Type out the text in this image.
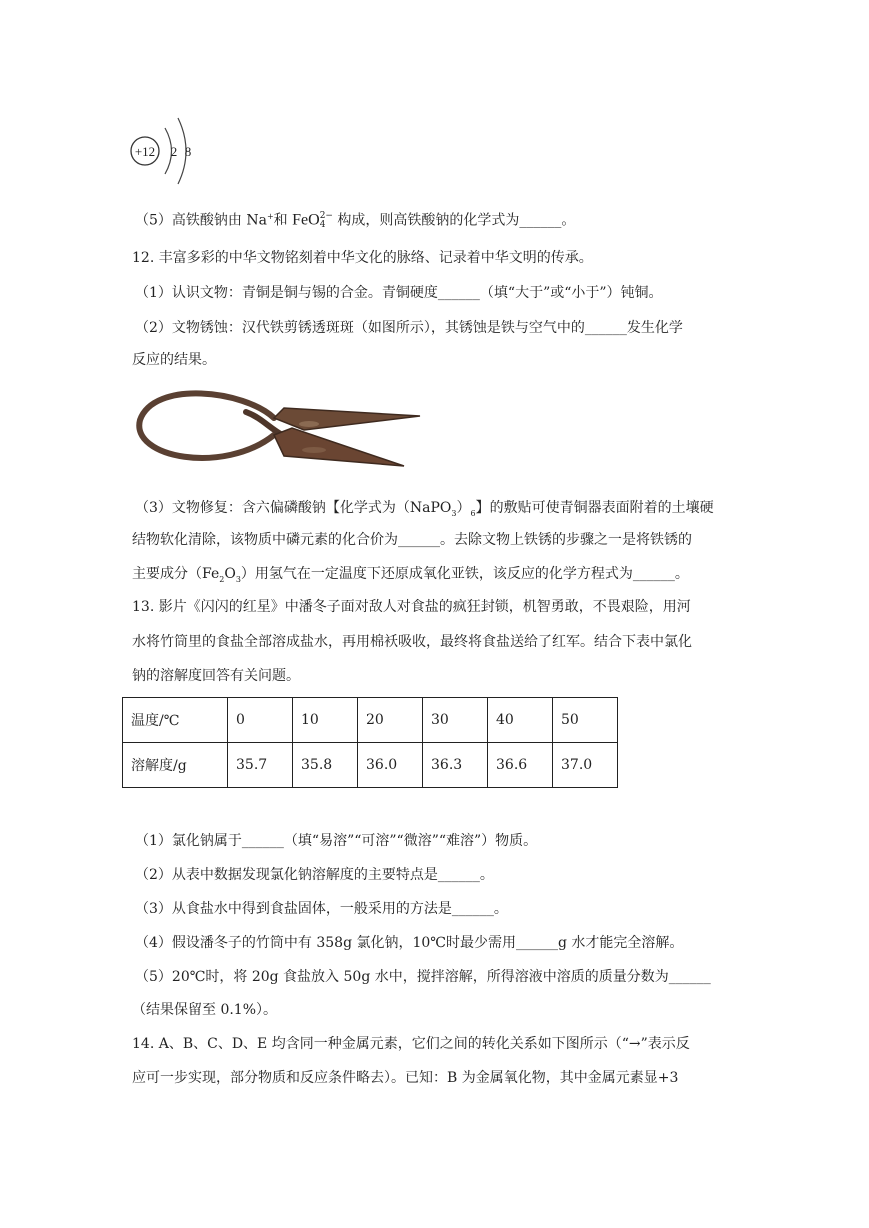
+12 2 8
（5）高铁酸钠由 Na+和 FeO 2−
4 构成，则高铁酸钠的化学式为______。
12. 丰富多彩的中华文物铭刻着中华文化的脉络、记录着中华文明的传承。
（1）认识文物：青铜是铜与锡的合金。青铜硬度______（填“大于”或“小于”）钝铜。
（2）文物锈蚀：汉代铁剪锈透斑斑（如图所示），其锈蚀是铁与空气中的______发生化学
反应的结果。
（3）文物修复：含六偏磷酸钠【化学式为$(NaPO_3)_6$】的敷贴可使青铜器表面附着的土壤硬
结物软化清除，该物质中磷元素的化合价为______。去除文物上铁锈的步骤之一是将铁锈的
主要成分$(Fe_2O_3)$用氢气在一定温度下还原成氧化亚铁，该反应的化学方程式为______。
13. 影片《闪闪的红星》中潘冬子面对敌人对食盐的疯狂封锁，机智勇敢，不畏艰险，用河
水将竹筒里的食盐全部溶成盐水，再用棉袄吸收，最终将食盐送给了红军。结合下表中氯化
钠的溶解度回答有关问题。
温度/℃	0	10	20	30	40	50
溶解度/g	35.7	35.8	36.0	36.3	36.6	37.0
（1）氯化钠属于______（填“易溶”“可溶”“微溶”“难溶”）物质。
（2）从表中数据发现氯化钠溶解度的主要特点是______。
（3）从食盐水中得到食盐固体，一般采用的方法是______。
（4）假设潘冬子的竹筒中有 358g 氯化钠，10℃时最少需用______g 水才能完全溶解。
（5）20℃时，将 20g 食盐放入 50g 水中，搅拌溶解，所得溶液中溶质的质量分数为______
（结果保留至 0.1%）。
14. A、B、C、D、E 均含同一种金属元素，它们之间的转化关系如下图所示（“→”表示反
应可一步实现，部分物质和反应条件略去）。已知：B 为金属氧化物，其中金属元素显+3
